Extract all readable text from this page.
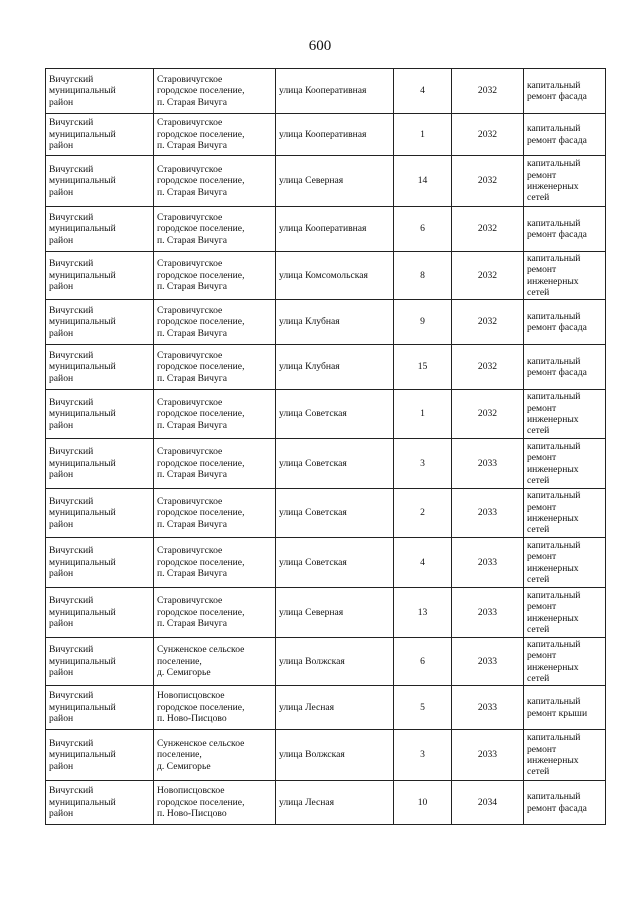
600
Вичугский
муниципальный
район	Старовичугское
городское поселение,
п. Старая Вичуга	улица Кооперативная	4	2032	капитальный
ремонт фасада
Вичугский
муниципальный
район	Старовичугское
городское поселение,
п. Старая Вичуга	улица Кооперативная	1	2032	капитальный
ремонт фасада
Вичугский
муниципальный
район	Старовичугское
городское поселение,
п. Старая Вичуга	улица Северная	14	2032	капитальный
ремонт
инженерных
сетей
Вичугский
муниципальный
район	Старовичугское
городское поселение,
п. Старая Вичуга	улица Кооперативная	6	2032	капитальный
ремонт фасада
Вичугский
муниципальный
район	Старовичугское
городское поселение,
п. Старая Вичуга	улица Комсомольская	8	2032	капитальный
ремонт
инженерных
сетей
Вичугский
муниципальный
район	Старовичугское
городское поселение,
п. Старая Вичуга	улица Клубная	9	2032	капитальный
ремонт фасада
Вичугский
муниципальный
район	Старовичугское
городское поселение,
п. Старая Вичуга	улица Клубная	15	2032	капитальный
ремонт фасада
Вичугский
муниципальный
район	Старовичугское
городское поселение,
п. Старая Вичуга	улица Советская	1	2032	капитальный
ремонт
инженерных
сетей
Вичугский
муниципальный
район	Старовичугское
городское поселение,
п. Старая Вичуга	улица Советская	3	2033	капитальный
ремонт
инженерных
сетей
Вичугский
муниципальный
район	Старовичугское
городское поселение,
п. Старая Вичуга	улица Советская	2	2033	капитальный
ремонт
инженерных
сетей
Вичугский
муниципальный
район	Старовичугское
городское поселение,
п. Старая Вичуга	улица Советская	4	2033	капитальный
ремонт
инженерных
сетей
Вичугский
муниципальный
район	Старовичугское
городское поселение,
п. Старая Вичуга	улица Северная	13	2033	капитальный
ремонт
инженерных
сетей
Вичугский
муниципальный
район	Сунженское сельское
поселение,
д. Семигорье	улица Волжская	6	2033	капитальный
ремонт
инженерных
сетей
Вичугский
муниципальный
район	Новописцовское
городское поселение,
п. Ново-Писцово	улица Лесная	5	2033	капитальный
ремонт крыши
Вичугский
муниципальный
район	Сунженское сельское
поселение,
д. Семигорье	улица Волжская	3	2033	капитальный
ремонт
инженерных
сетей
Вичугский
муниципальный
район	Новописцовское
городское поселение,
п. Ново-Писцово	улица Лесная	10	2034	капитальный
ремонт фасада
